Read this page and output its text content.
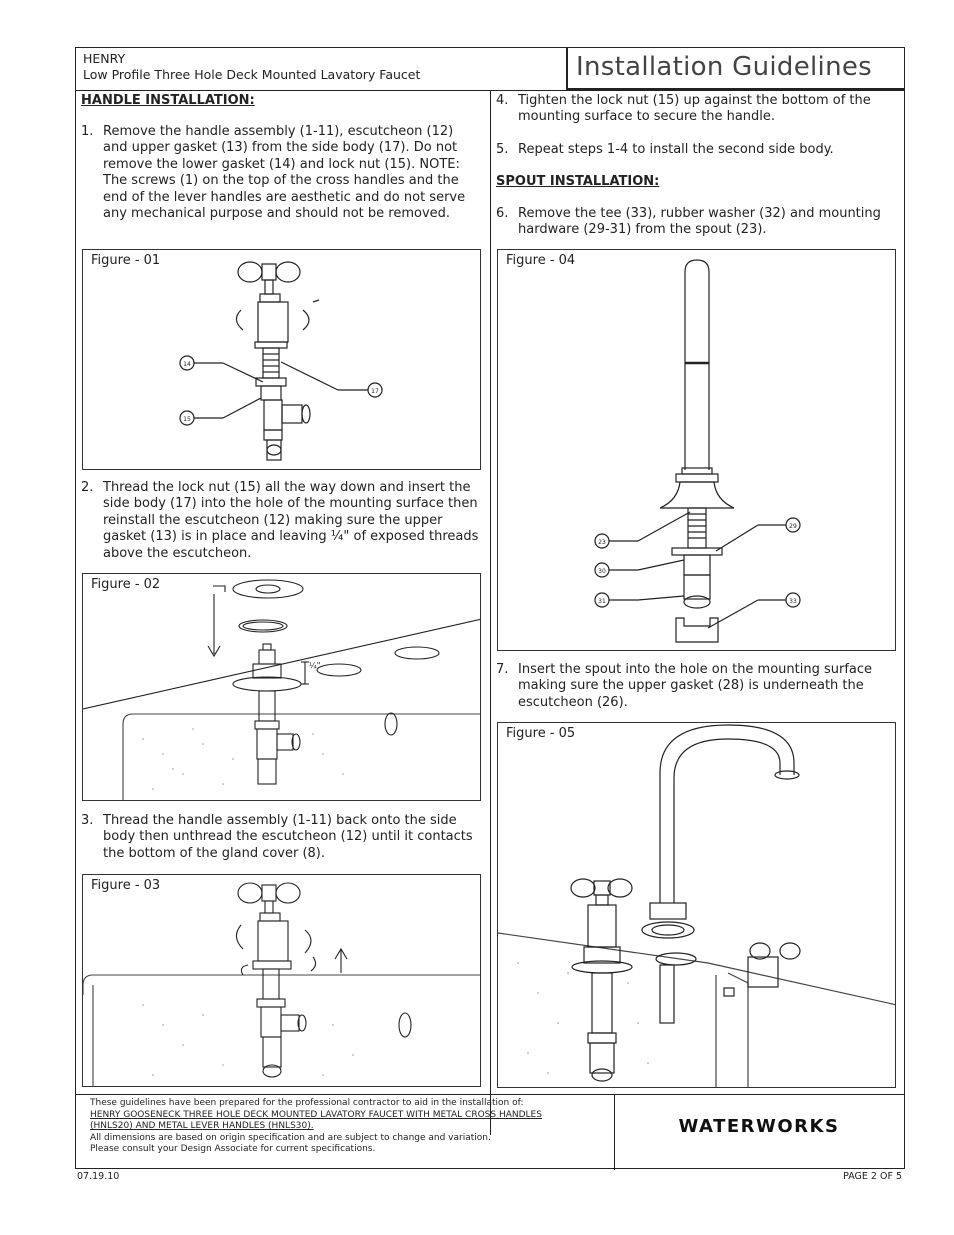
HENRY
Low Profile Three Hole Deck Mounted Lavatory Faucet	Installation Guidelines
HANDLE INSTALLATION:
1. Remove the handle assembly (1-11), escutcheon (12) and upper gasket (13) from the side body (17). Do not remove the lower gasket (14) and lock nut (15). NOTE: The screws (1) on the top of the cross handles and the end of the lever handles are aesthetic and do not serve any mechanical purpose and should not be removed.
Figure - 01
14
15
17
2. Thread the lock nut (15) all the way down and insert the side body (17) into the hole of the mounting surface then reinstall the escutcheon (12) making sure the upper gasket (13) is in place and leaving ¼" of exposed threads above the escutcheon.
Figure - 02
¼"
3. Thread the handle assembly (1-11) back onto the side body then unthread the escutcheon (12) until it contacts the bottom of the gland cover (8).
Figure - 03
4. Tighten the lock nut (15) up against the bottom of the mounting surface to secure the handle.
5. Repeat steps 1-4 to install the second side body.
SPOUT INSTALLATION:
6. Remove the tee (33), rubber washer (32) and mounting hardware (29-31) from the spout (23).
Figure - 04
23
30
31
29
33
7. Insert the spout into the hole on the mounting surface making sure the upper gasket (28) is underneath the escutcheon (26).
Figure - 05
These guidelines have been prepared for the professional contractor to aid in the installation of:
HENRY GOOSENECK THREE HOLE DECK MOUNTED LAVATORY FAUCET WITH METAL CROSS HANDLES
(HNLS20) AND METAL LEVER HANDLES (HNLS30).
All dimensions are based on origin specification and are subject to change and variation.
Please consult your Design Associate for current specifications.
WATERWORKS
07.19.10	PAGE 2 OF 5
